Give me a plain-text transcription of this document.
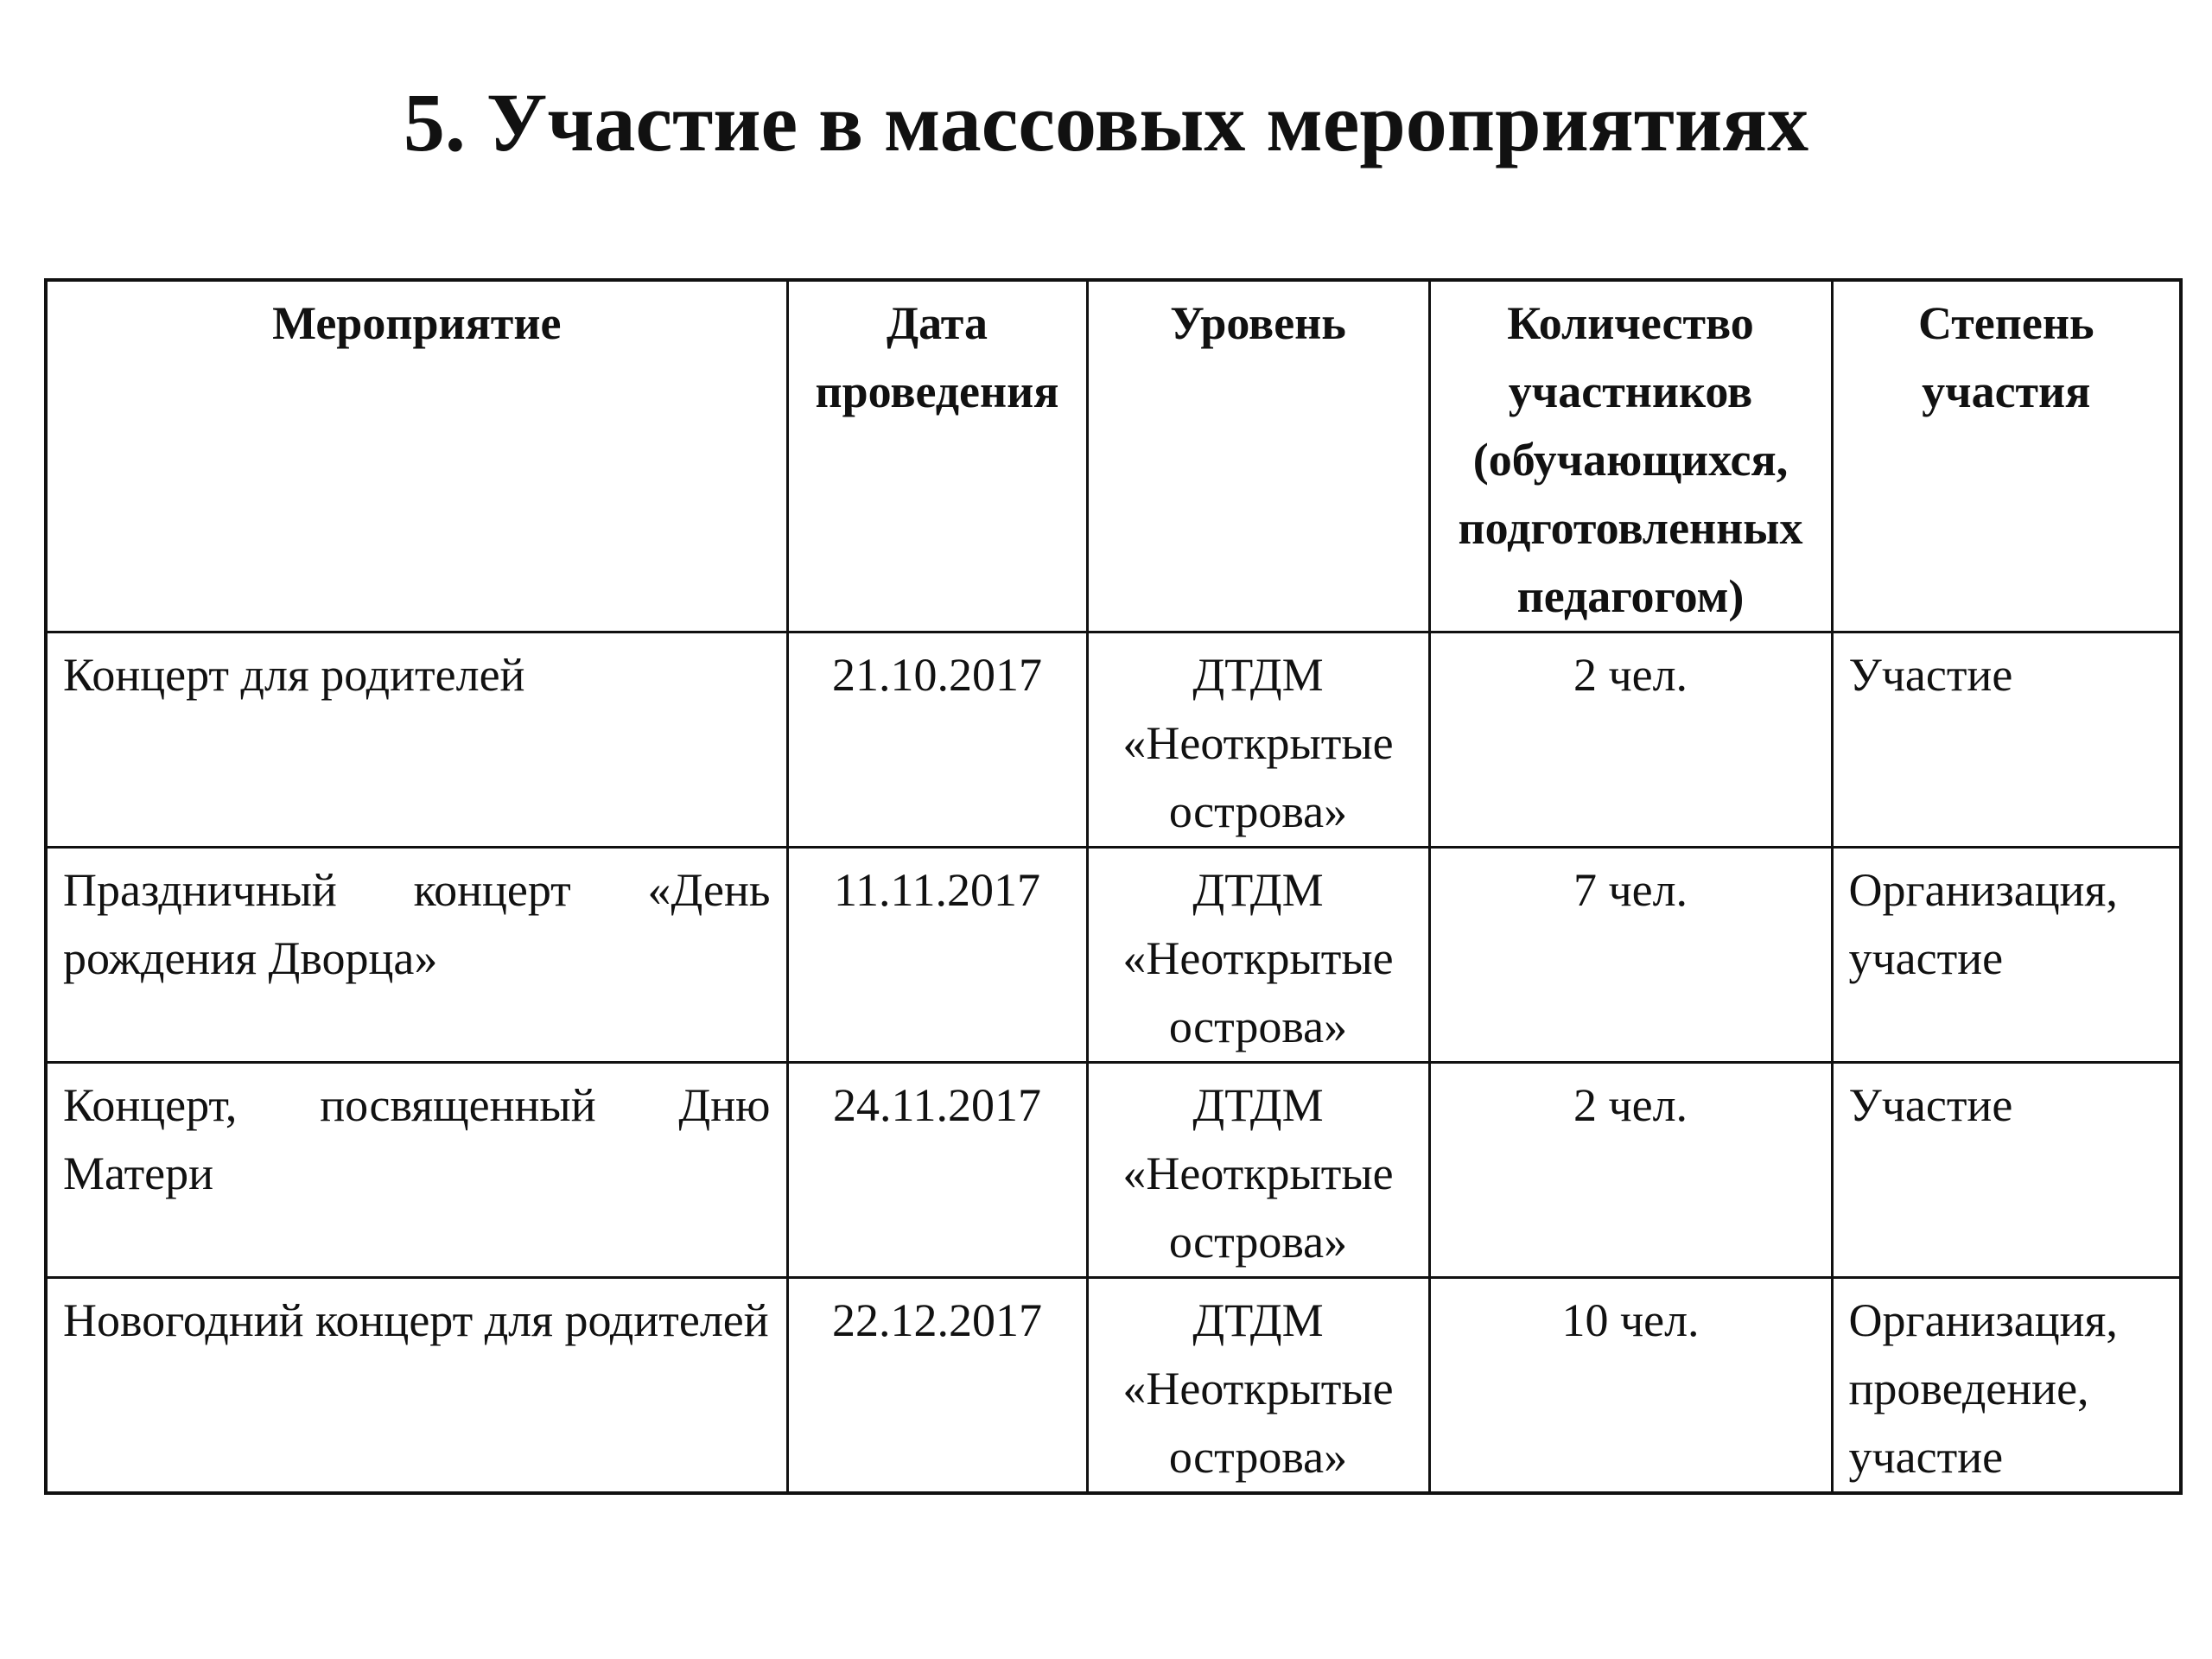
5. Участие в массовых мероприятиях
Мероприятие	Дата проведения	Уровень	Количество участников (обучающихся, подготовленных педагогом)	Степень участия
Концерт для родителей	21.10.2017	ДТДМ «Неоткрытые острова»	2 чел.	Участие
Праздничный концерт «День рождения Дворца»	11.11.2017	ДТДМ «Неоткрытые острова»	7 чел.	Организация, участие
Концерт, посвященный Дню Матери	24.11.2017	ДТДМ «Неоткрытые острова»	2 чел.	Участие
Новогодний концерт для родителей	22.12.2017	ДТДМ «Неоткрытые острова»	10 чел.	Организация, проведение, участие
